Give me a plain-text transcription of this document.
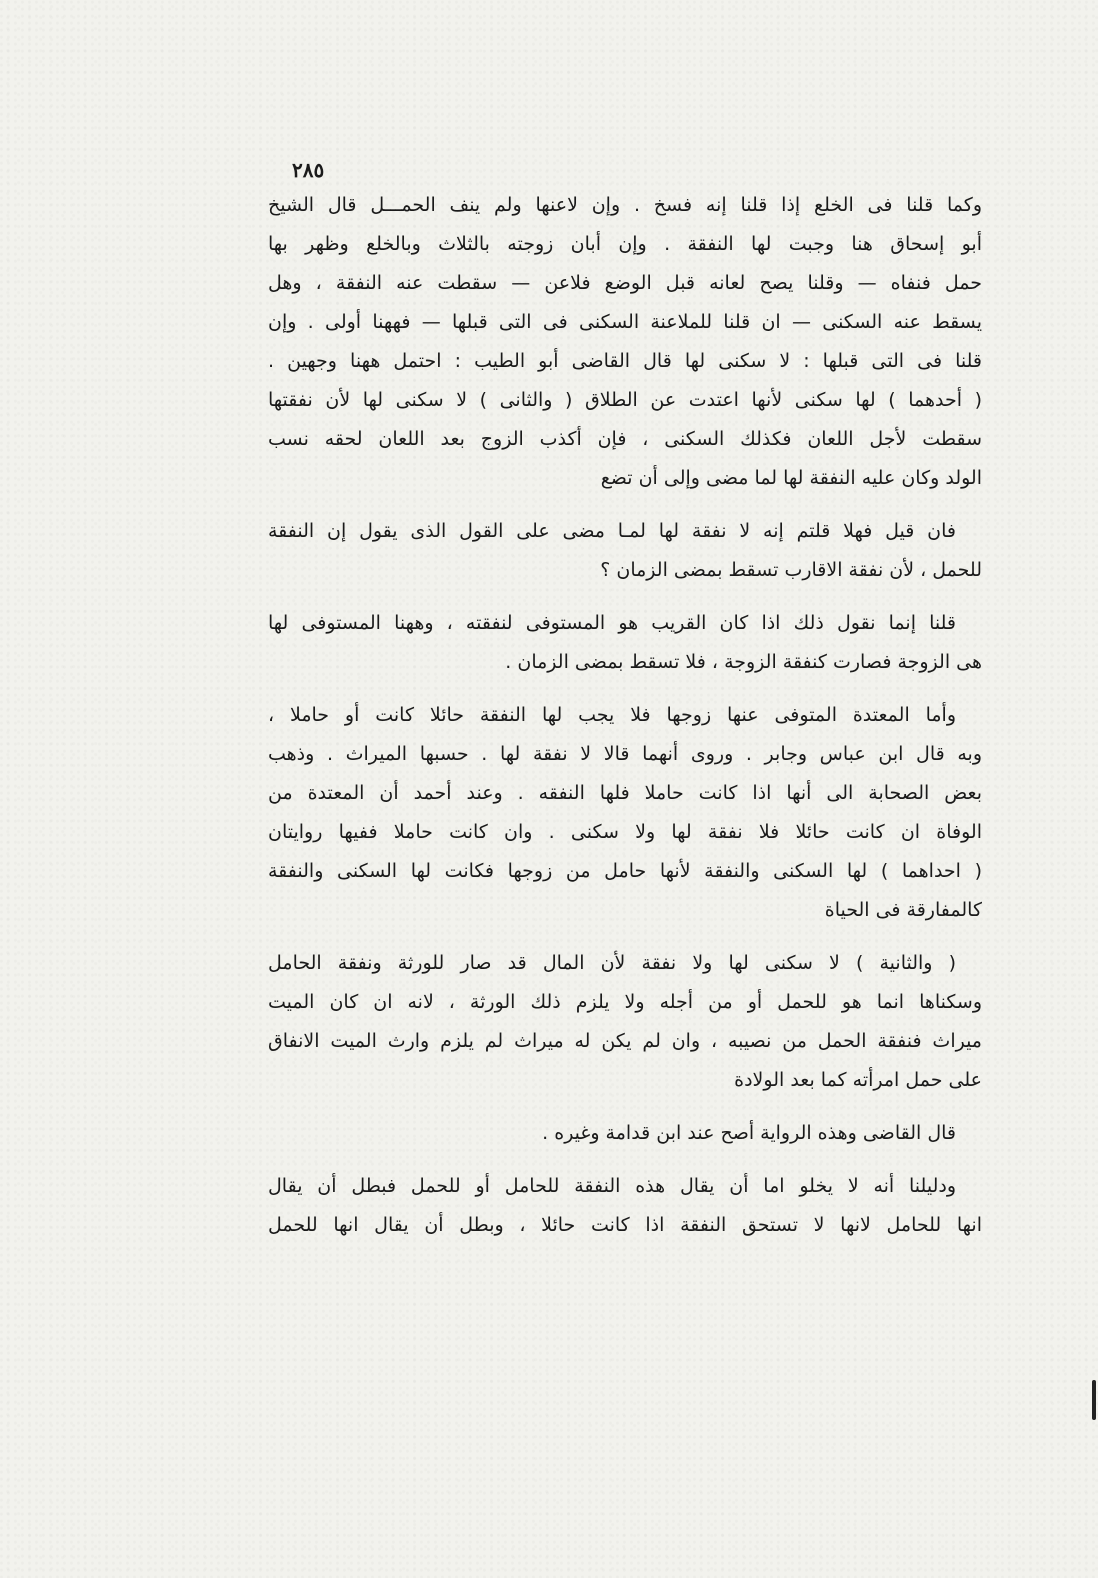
٢٨٥
وكما قلنا فى الخلع إذا قلنا إنه فسخ . وإن لاعنها ولم ينف الحمـــل قال الشيخ
أبو إسحاق هنا وجبت لها النفقة . وإن أبان زوجته بالثلاث وبالخلع وظهر بها
حمل فنفاه — وقلنا يصح لعانه قبل الوضع فلاعن — سقطت عنه النفقة ، وهل
يسقط عنه السكنى — ان قلنا للملاعنة السكنى فى التى قبلها — فههنا أولى . وإن
قلنا فى التى قبلها : لا سكنى لها قال القاضى أبو الطيب : احتمل ههنا وجهين .
( أحدهما ) لها سكنى لأنها اعتدت عن الطلاق ( والثانى ) لا سكنى لها لأن نفقتها
سقطت لأجل اللعان فكذلك السكنى ، فإن أكذب الزوج بعد اللعان لحقه نسب
الولد وكان عليه النفقة لها لما مضى وإلى أن تضع
فان قيل فهلا قلتم إنه لا نفقة لها لمـا مضى على القول الذى يقول إن النفقة
للحمل ، لأن نفقة الاقارب تسقط بمضى الزمان ؟
قلنا إنما نقول ذلك اذا كان القريب هو المستوفى لنفقته ، وههنا المستوفى لها
هى الزوجة فصارت كنفقة الزوجة ، فلا تسقط بمضى الزمان .
وأما المعتدة المتوفى عنها زوجها فلا يجب لها النفقة حائلا كانت أو حاملا ،
وبه قال ابن عباس وجابر . وروى أنهما قالا لا نفقة لها . حسبها الميراث . وذهب
بعض الصحابة الى أنها اذا كانت حاملا فلها النفقه . وعند أحمد أن المعتدة من
الوفاة ان كانت حائلا فلا نفقة لها ولا سكنى . وان كانت حاملا ففيها روايتان
( احداهما ) لها السكنى والنفقة لأنها حامل من زوجها فكانت لها السكنى والنفقة
كالمفارقة فى الحياة
( والثانية ) لا سكنى لها ولا نفقة لأن المال قد صار للورثة ونفقة الحامل
وسكناها انما هو للحمل أو من أجله ولا يلزم ذلك الورثة ، لانه ان كان الميت
ميراث فنفقة الحمل من نصيبه ، وان لم يكن له ميراث لم يلزم وارث الميت الانفاق
على حمل امرأته كما بعد الولادة
قال القاضى وهذه الرواية أصح عند ابن قدامة وغيره .
ودليلنا أنه لا يخلو اما أن يقال هذه النفقة للحامل أو للحمل فبطل أن يقال
انها للحامل لانها لا تستحق النفقة اذا كانت حائلا ، وبطل أن يقال انها للحمل
